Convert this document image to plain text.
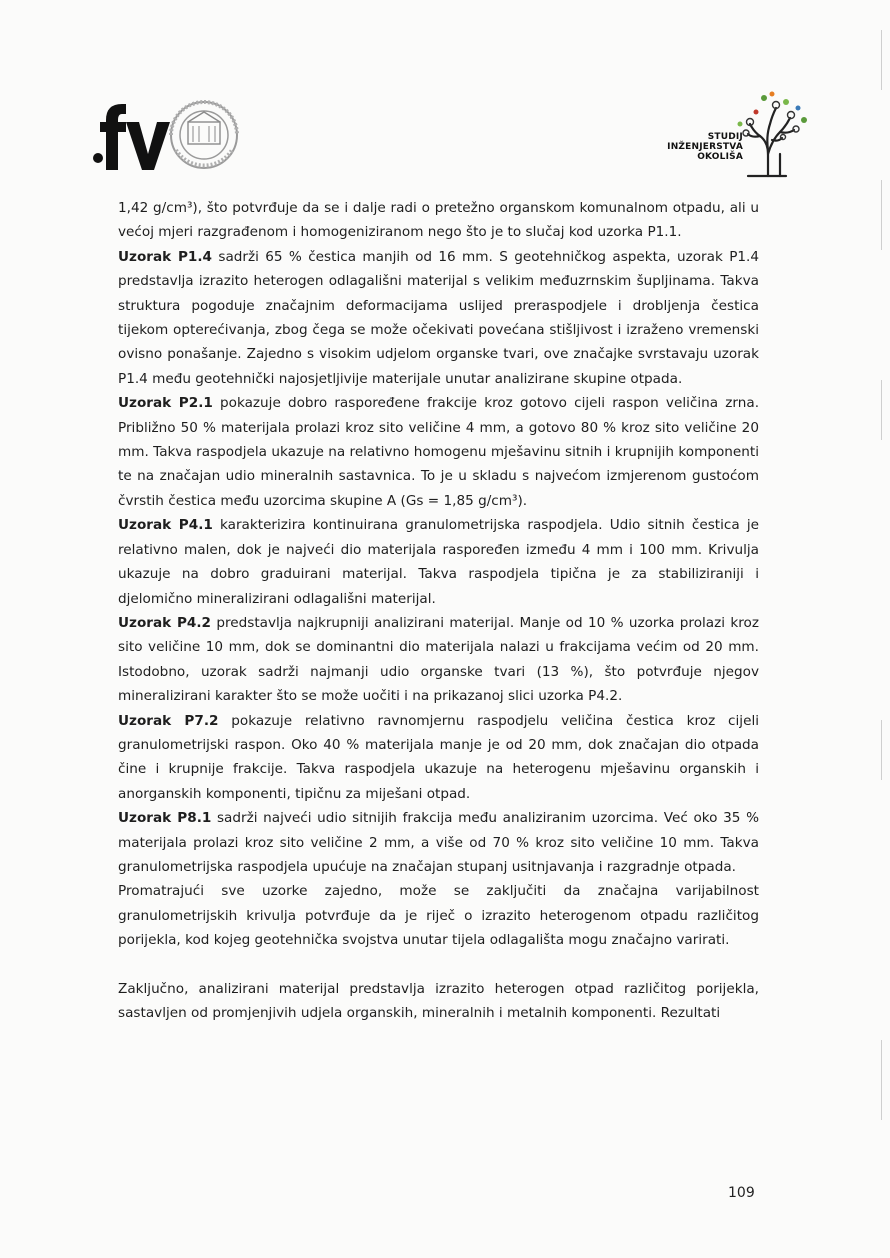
STUDIJ
INŽENJERSTVA
OKOLIŠA

1,42 g/cm³), što potvrđuje da se i dalje radi o pretežno organskom komunalnom otpadu, ali u većoj mjeri razgrađenom i homogeniziranom nego što je to slučaj kod uzorka P1.1.

Uzorak P1.4 sadrži 65 % čestica manjih od 16 mm. S geotehničkog aspekta, uzorak P1.4 predstavlja izrazito heterogen odlagališni materijal s velikim međuzrnskim šupljinama. Takva struktura pogoduje značajnim deformacijama uslijed preraspodjele i drobljenja čestica tijekom opterećivanja, zbog čega se može očekivati povećana stišljivost i izraženo vremenski ovisno ponašanje. Zajedno s visokim udjelom organske tvari, ove značajke svrstavaju uzorak P1.4 među geotehnički najosjetljivije materijale unutar analizirane skupine otpada.

Uzorak P2.1 pokazuje dobro raspoređene frakcije kroz gotovo cijeli raspon veličina zrna. Približno 50 % materijala prolazi kroz sito veličine 4 mm, a gotovo 80 % kroz sito veličine 20 mm. Takva raspodjela ukazuje na relativno homogenu mješavinu sitnih i krupnijih komponenti te na značajan udio mineralnih sastavnica. To je u skladu s najvećom izmjerenom gustoćom čvrstih čestica među uzorcima skupine A (Gs = 1,85 g/cm³).

Uzorak P4.1 karakterizira kontinuirana granulometrijska raspodjela. Udio sitnih čestica je relativno malen, dok je najveći dio materijala raspoređen između 4 mm i 100 mm. Krivulja ukazuje na dobro graduirani materijal. Takva raspodjela tipična je za stabiliziraniji i djelomično mineralizirani odlagališni materijal.

Uzorak P4.2 predstavlja najkrupniji analizirani materijal. Manje od 10 % uzorka prolazi kroz sito veličine 10 mm, dok se dominantni dio materijala nalazi u frakcijama većim od 20 mm. Istodobno, uzorak sadrži najmanji udio organske tvari (13 %), što potvrđuje njegov mineralizirani karakter što se može uočiti i na prikazanoj slici uzorka P4.2.

Uzorak P7.2 pokazuje relativno ravnomjernu raspodjelu veličina čestica kroz cijeli granulometrijski raspon. Oko 40 % materijala manje je od 20 mm, dok značajan dio otpada čine i krupnije frakcije. Takva raspodjela ukazuje na heterogenu mješavinu organskih i anorganskih komponenti, tipičnu za miješani otpad.

Uzorak P8.1 sadrži najveći udio sitnijih frakcija među analiziranim uzorcima. Već oko 35 % materijala prolazi kroz sito veličine 2 mm, a više od 70 % kroz sito veličine 10 mm. Takva granulometrijska raspodjela upućuje na značajan stupanj usitnjavanja i razgradnje otpada.

Promatrajući sve uzorke zajedno, može se zaključiti da značajna varijabilnost granulometrijskih krivulja potvrđuje da je riječ o izrazito heterogenom otpadu različitog porijekla, kod kojeg geotehnička svojstva unutar tijela odlagališta mogu značajno varirati.

Zaključno, analizirani materijal predstavlja izrazito heterogen otpad različitog porijekla, sastavljen od promjenjivih udjela organskih, mineralnih i metalnih komponenti. Rezultati

109
